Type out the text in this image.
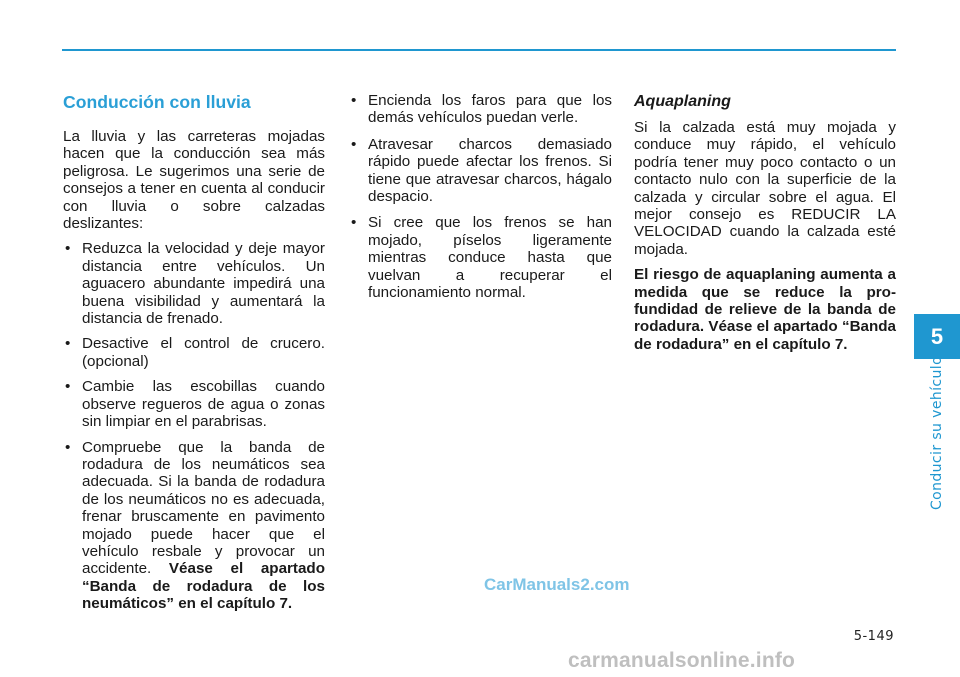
Conducción con lluvia

La lluvia y las carreteras mojadas hacen que la conducción sea más peligrosa. Le sugerimos una serie de consejos a tener en cuenta al conducir con lluvia o sobre calzadas deslizantes:

• Reduzca la velocidad y deje mayor distancia entre vehículos. Un aguacero abundante impedirá una buena visibilidad y aumentará la distancia de frenado.
• Desactive el control de crucero. (opcional)
• Cambie las escobillas cuando observe regueros de agua o zonas sin limpiar en el parabrisas.
• Compruebe que la banda de rodadura de los neumáticos sea adecuada. Si la banda de rodadura de los neumáticos no es adecuada, frenar bruscamente en pavimento mojado puede hacer que el vehículo resbale y provocar un accidente. Véase el apartado “Banda de rodadura de los neumáticos” en el capítulo 7.
• Encienda los faros para que los demás vehículos puedan verle.
• Atravesar charcos demasiado rápido puede afectar los frenos. Si tiene que atravesar charcos, hágalo despacio.
• Si cree que los frenos se han mojado, píselos ligeramente mientras conduce hasta que vuelvan a recuperar el funcionamiento normal.
Aquaplaning

Si la calzada está muy mojada y conduce muy rápido, el vehículo podría tener muy poco contacto o un contacto nulo con la superficie de la calzada y circular sobre el agua. El mejor consejo es REDUCIR LA VELOCIDAD cuando la calzada esté mojada.

El riesgo de aquaplaning aumenta a medida que se reduce la profundidad de relieve de la banda de rodadura. Véase el apartado “Banda de rodadura” en el capítulo 7.	5
Conducir su vehículo
5-149
CarManuals2.com
carmanualsonline.info
